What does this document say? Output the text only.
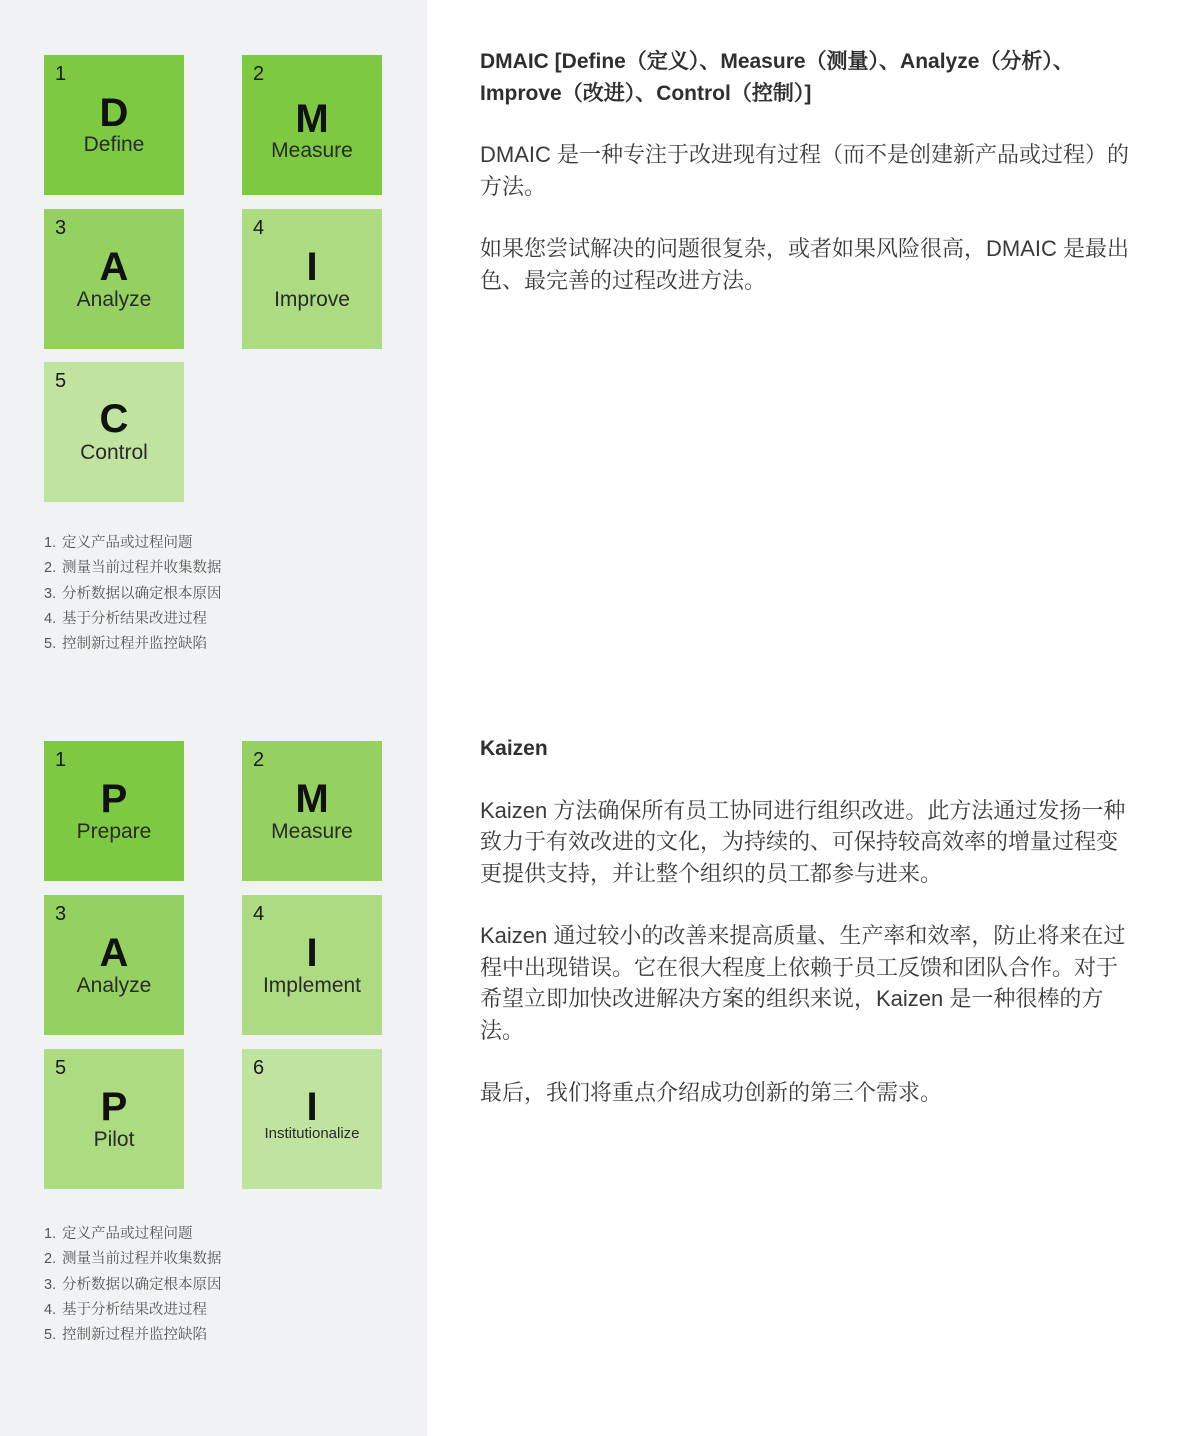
1
D
Define
2
M
Measure
3
A
Analyze
4
I
Improve
5
C
Control
1. 定义产品或过程问题
2. 测量当前过程并收集数据
3. 分析数据以确定根本原因
4. 基于分析结果改进过程
5. 控制新过程并监控缺陷
1
P
Prepare
2
M
Measure
3
A
Analyze
4
I
Implement
5
P
Pilot
6
I
Institutionalize
1. 定义产品或过程问题
2. 测量当前过程并收集数据
3. 分析数据以确定根本原因
4. 基于分析结果改进过程
5. 控制新过程并监控缺陷
DMAIC [Define（定义）、Measure（测量）、Analyze（分析）、Improve（改进）、Control（控制）]

DMAIC 是一种专注于改进现有过程（而不是创建新产品或过程）的方法。

如果您尝试解决的问题很复杂，或者如果风险很高，DMAIC 是最出色、最完善的过程改进方法。

Kaizen

Kaizen 方法确保所有员工协同进行组织改进。此方法通过发扬一种致力于有效改进的文化，为持续的、可保持较高效率的增量过程变更提供支持，并让整个组织的员工都参与进来。

Kaizen 通过较小的改善来提高质量、生产率和效率，防止将来在过程中出现错误。它在很大程度上依赖于员工反馈和团队合作。对于希望立即加快改进解决方案的组织来说，Kaizen 是一种很棒的方法。

最后，我们将重点介绍成功创新的第三个需求。
